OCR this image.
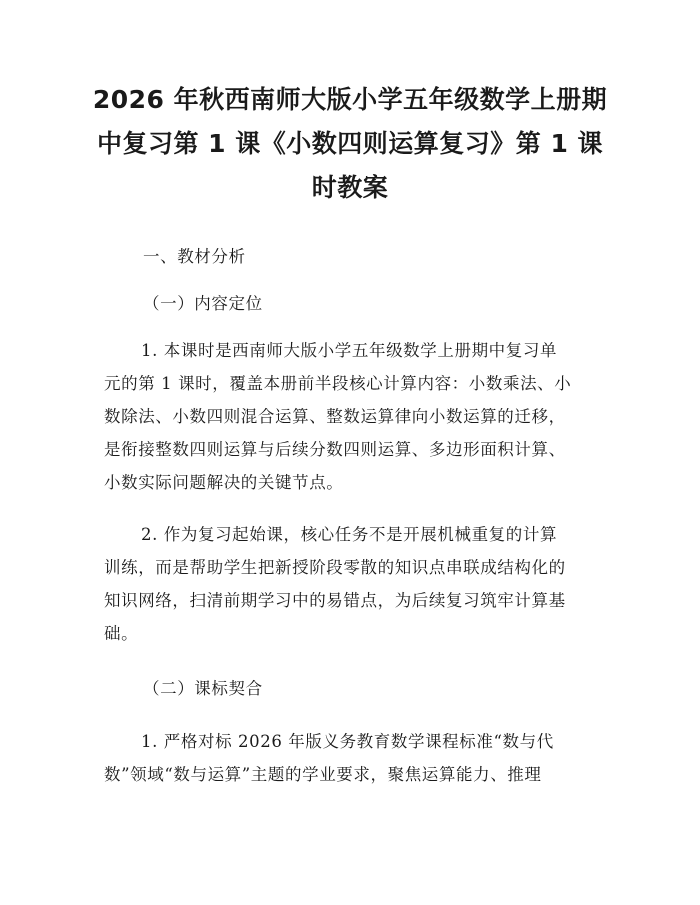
2026 年秋西南师大版小学五年级数学上册期
中复习第 1 课《小数四则运算复习》第 1 课
时教案
一、教材分析
（一）内容定位
1. 本课时是西南师大版小学五年级数学上册期中复习单
元的第 1 课时，覆盖本册前半段核心计算内容：小数乘法、小
数除法、小数四则混合运算、整数运算律向小数运算的迁移，
是衔接整数四则运算与后续分数四则运算、多边形面积计算、
小数实际问题解决的关键节点。
2. 作为复习起始课，核心任务不是开展机械重复的计算
训练，而是帮助学生把新授阶段零散的知识点串联成结构化的
知识网络，扫清前期学习中的易错点，为后续复习筑牢计算基
础。
（二）课标契合
1. 严格对标 2026 年版义务教育数学课程标准“数与代
数”领域“数与运算”主题的学业要求，聚焦运算能力、推理
